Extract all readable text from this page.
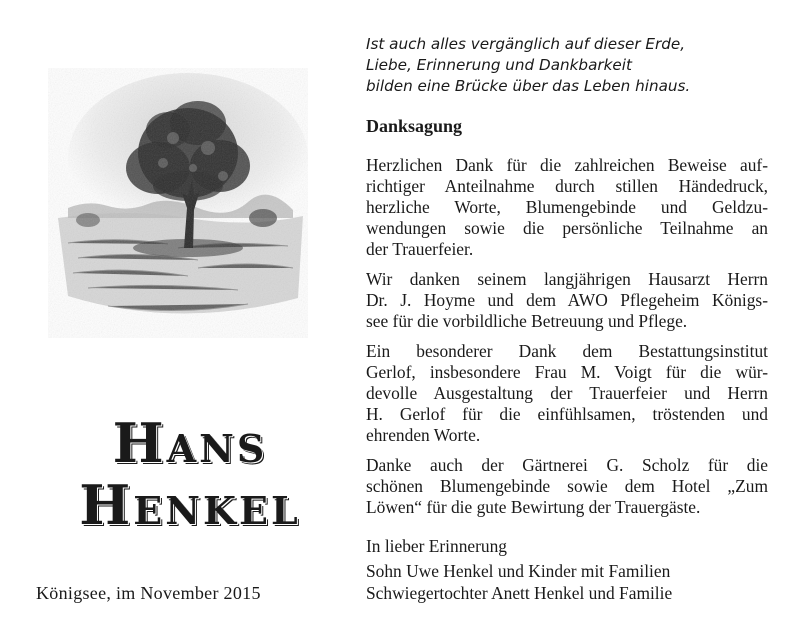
Hans
Henkel
Königsee, im November 2015
Ist auch alles vergänglich auf dieser Erde,
Liebe, Erinnerung und Dankbarkeit
bilden eine Brücke über das Leben hinaus.
Danksagung
Herzlichen Dank für die zahlreichen Beweise auf-
richtiger Anteilnahme durch stillen Händedruck,
herzliche Worte, Blumengebinde und Geldzu-
wendungen sowie die persönliche Teilnahme an
der Trauerfeier.
Wir danken seinem langjährigen Hausarzt Herrn
Dr. J. Hoyme und dem AWO Pflegeheim Königs-
see für die vorbildliche Betreuung und Pflege.
Ein besonderer Dank dem Bestattungsinstitut
Gerlof, insbesondere Frau M. Voigt für die wür-
devolle Ausgestaltung der Trauerfeier und Herrn
H. Gerlof für die einfühlsamen, tröstenden und
ehrenden Worte.
Danke auch der Gärtnerei G. Scholz für die
schönen Blumengebinde sowie dem Hotel „Zum
Löwen“ für die gute Bewirtung der Trauergäste.
In lieber Erinnerung
Sohn Uwe Henkel und Kinder mit Familien
Schwiegertochter Anett Henkel und Familie
